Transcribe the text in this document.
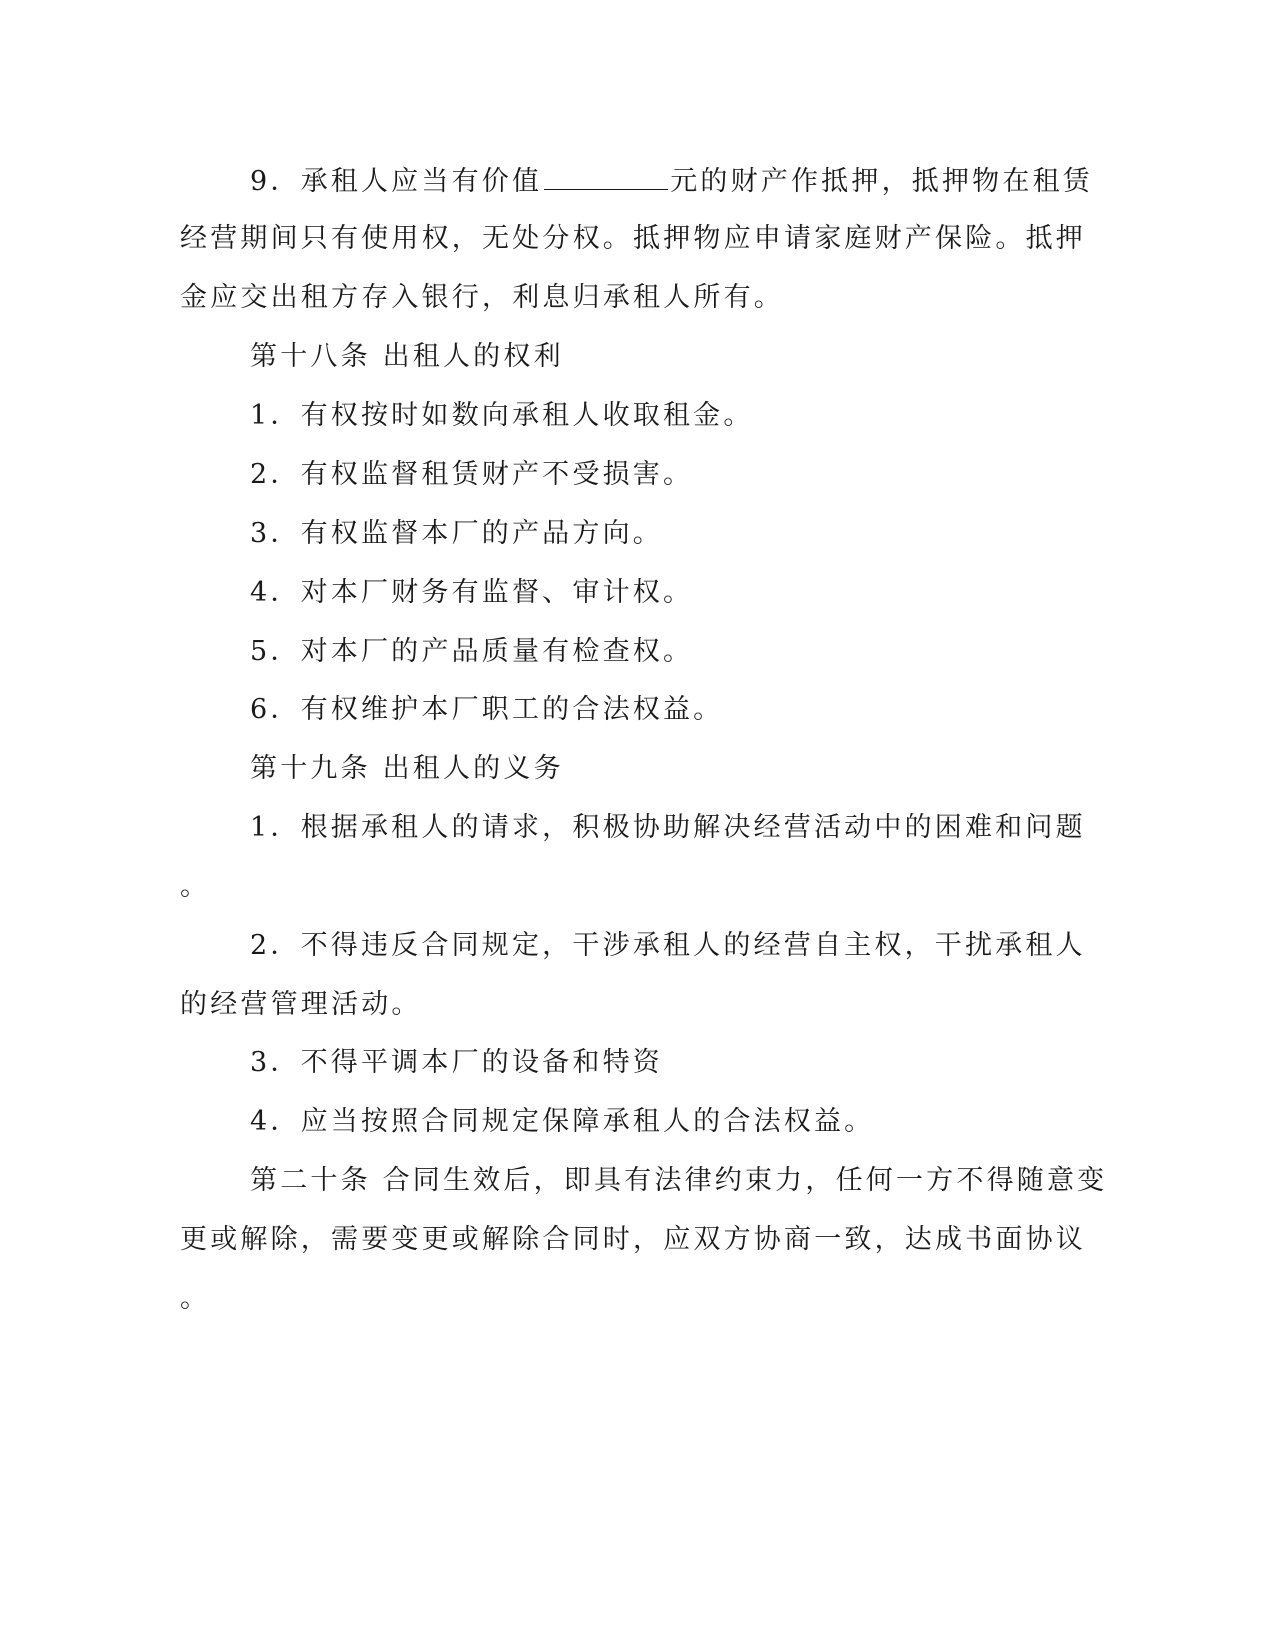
9．承租人应当有价值	元的财产作抵押，抵押物在租赁
经营期间只有使用权，无处分权。抵押物应申请家庭财产保险。抵押
金应交出租方存入银行，利息归承租人所有。
第十八条 出租人的权利
1．有权按时如数向承租人收取租金。
2．有权监督租赁财产不受损害。
3．有权监督本厂的产品方向。
4．对本厂财务有监督、审计权。
5．对本厂的产品质量有检查权。
6．有权维护本厂职工的合法权益。
第十九条 出租人的义务
1．根据承租人的请求，积极协助解决经营活动中的困难和问题
。
2．不得违反合同规定，干涉承租人的经营自主权，干扰承租人
的经营管理活动。
3．不得平调本厂的设备和特资
4．应当按照合同规定保障承租人的合法权益。
第二十条 合同生效后，即具有法律约束力，任何一方不得随意变
更或解除，需要变更或解除合同时，应双方协商一致，达成书面协议
。
